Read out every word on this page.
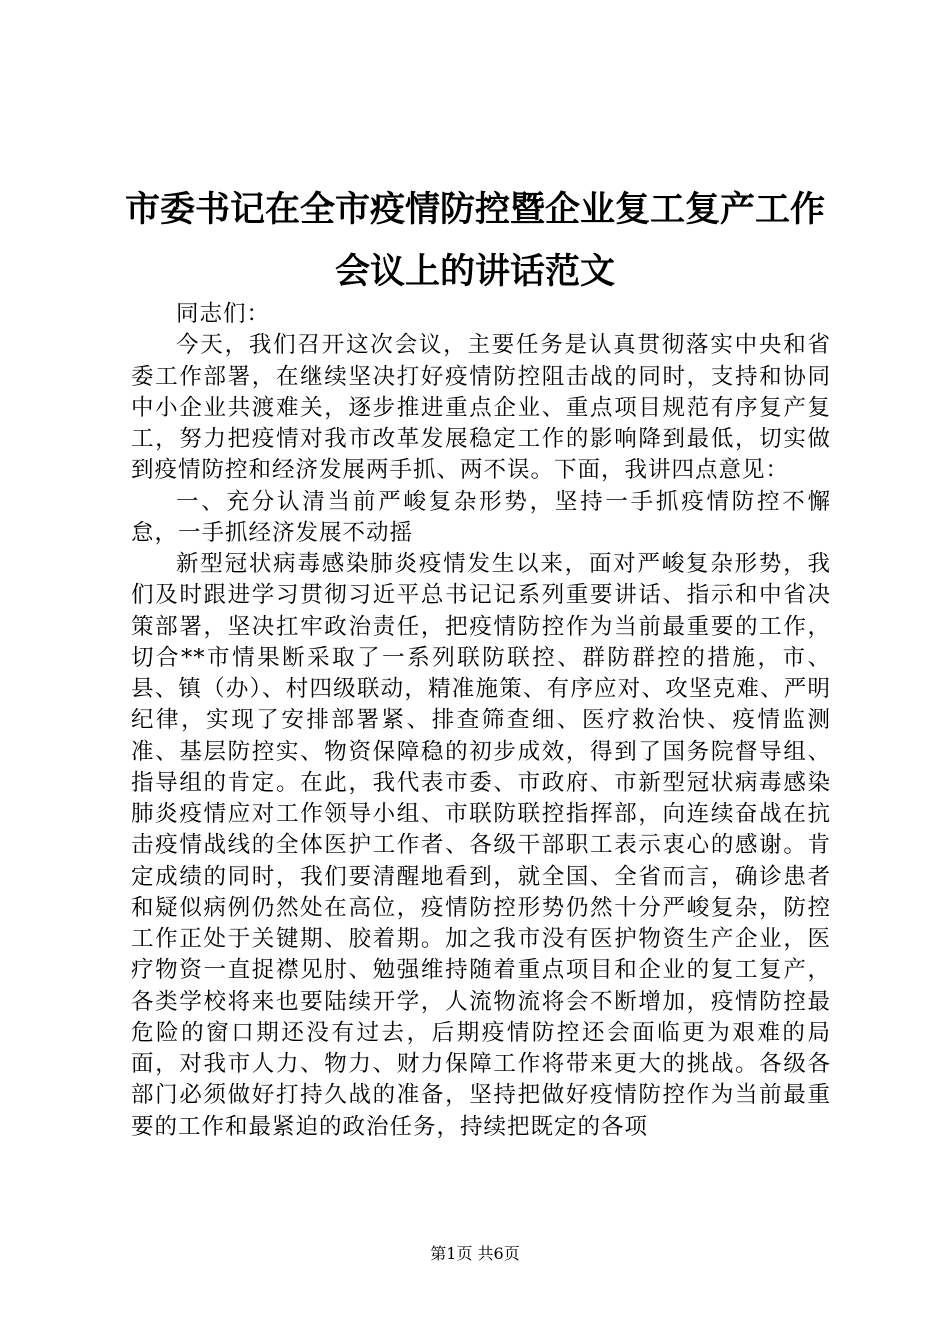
市委书记在全市疫情防控暨企业复工复产工作
会议上的讲话范文

同志们：

今天，我们召开这次会议，主要任务是认真贯彻落实中央和省委工作部署，在继续坚决打好疫情防控阻击战的同时，支持和协同中小企业共渡难关，逐步推进重点企业、重点项目规范有序复产复工，努力把疫情对我市改革发展稳定工作的影响降到最低，切实做到疫情防控和经济发展两手抓、两不误。下面，我讲四点意见：

一、充分认清当前严峻复杂形势，坚持一手抓疫情防控不懈怠，一手抓经济发展不动摇

新型冠状病毒感染肺炎疫情发生以来，面对严峻复杂形势，我们及时跟进学习贯彻习近平总书记记系列重要讲话、指示和中省决策部署，坚决扛牢政治责任，把疫情防控作为当前最重要的工作，切合**市情果断采取了一系列联防联控、群防群控的措施，市、县、镇（办）、村四级联动，精准施策、有序应对、攻坚克难、严明纪律，实现了安排部署紧、排查筛查细、医疗救治快、疫情监测准、基层防控实、物资保障稳的初步成效，得到了国务院督导组、指导组的肯定。在此，我代表市委、市政府、市新型冠状病毒感染肺炎疫情应对工作领导小组、市联防联控指挥部，向连续奋战在抗击疫情战线的全体医护工作者、各级干部职工表示衷心的感谢。肯定成绩的同时，我们要清醒地看到，就全国、全省而言，确诊患者和疑似病例仍然处在高位，疫情防控形势仍然十分严峻复杂，防控工作正处于关键期、胶着期。加之我市没有医护物资生产企业，医疗物资一直捉襟见肘、勉强维持随着重点项目和企业的复工复产，各类学校将来也要陆续开学，人流物流将会不断增加，疫情防控最危险的窗口期还没有过去，后期疫情防控还会面临更为艰难的局面，对我市人力、物力、财力保障工作将带来更大的挑战。各级各部门必须做好打持久战的准备，坚持把做好疫情防控作为当前最重要的工作和最紧迫的政治任务，持续把既定的各项

第1页 共6页
